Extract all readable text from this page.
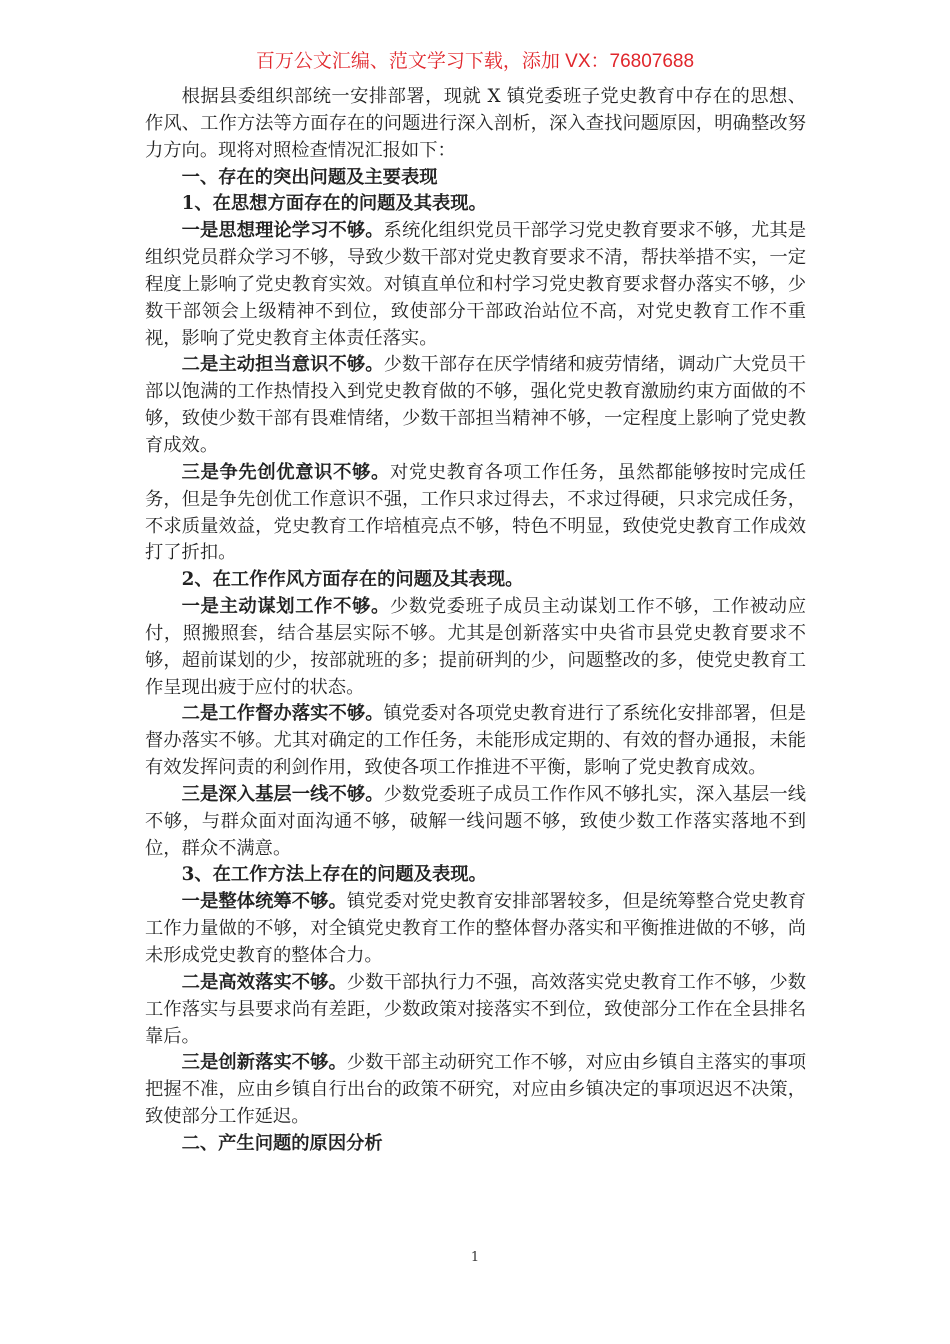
百万公文汇编、范文学习下载，添加 VX：76807688

根据县委组织部统一安排部署，现就 X 镇党委班子党史教育中存在的思想、作风、工作方法等方面存在的问题进行深入剖析，深入查找问题原因，明确整改努力方向。现将对照检查情况汇报如下：

一、存在的突出问题及主要表现

1、在思想方面存在的问题及其表现。

一是思想理论学习不够。系统化组织党员干部学习党史教育要求不够，尤其是组织党员群众学习不够，导致少数干部对党史教育要求不清，帮扶举措不实，一定程度上影响了党史教育实效。对镇直单位和村学习党史教育要求督办落实不够，少数干部领会上级精神不到位，致使部分干部政治站位不高，对党史教育工作不重视，影响了党史教育主体责任落实。

二是主动担当意识不够。少数干部存在厌学情绪和疲劳情绪，调动广大党员干部以饱满的工作热情投入到党史教育做的不够，强化党史教育激励约束方面做的不够，致使少数干部有畏难情绪，少数干部担当精神不够，一定程度上影响了党史教育成效。

三是争先创优意识不够。对党史教育各项工作任务，虽然都能够按时完成任务，但是争先创优工作意识不强，工作只求过得去，不求过得硬，只求完成任务，不求质量效益，党史教育工作培植亮点不够，特色不明显，致使党史教育工作成效打了折扣。

2、在工作作风方面存在的问题及其表现。

一是主动谋划工作不够。少数党委班子成员主动谋划工作不够，工作被动应付，照搬照套，结合基层实际不够。尤其是创新落实中央省市县党史教育要求不够，超前谋划的少，按部就班的多；提前研判的少，问题整改的多，使党史教育工作呈现出疲于应付的状态。

二是工作督办落实不够。镇党委对各项党史教育进行了系统化安排部署，但是督办落实不够。尤其对确定的工作任务，未能形成定期的、有效的督办通报，未能有效发挥问责的利剑作用，致使各项工作推进不平衡，影响了党史教育成效。

三是深入基层一线不够。少数党委班子成员工作作风不够扎实，深入基层一线不够，与群众面对面沟通不够，破解一线问题不够，致使少数工作落实落地不到位，群众不满意。

3、在工作方法上存在的问题及表现。

一是整体统筹不够。镇党委对党史教育安排部署较多，但是统筹整合党史教育工作力量做的不够，对全镇党史教育工作的整体督办落实和平衡推进做的不够，尚未形成党史教育的整体合力。

二是高效落实不够。少数干部执行力不强，高效落实党史教育工作不够，少数工作落实与县要求尚有差距，少数政策对接落实不到位，致使部分工作在全县排名靠后。

三是创新落实不够。少数干部主动研究工作不够，对应由乡镇自主落实的事项把握不准，应由乡镇自行出台的政策不研究，对应由乡镇决定的事项迟迟不决策，致使部分工作延迟。

二、产生问题的原因分析

1
